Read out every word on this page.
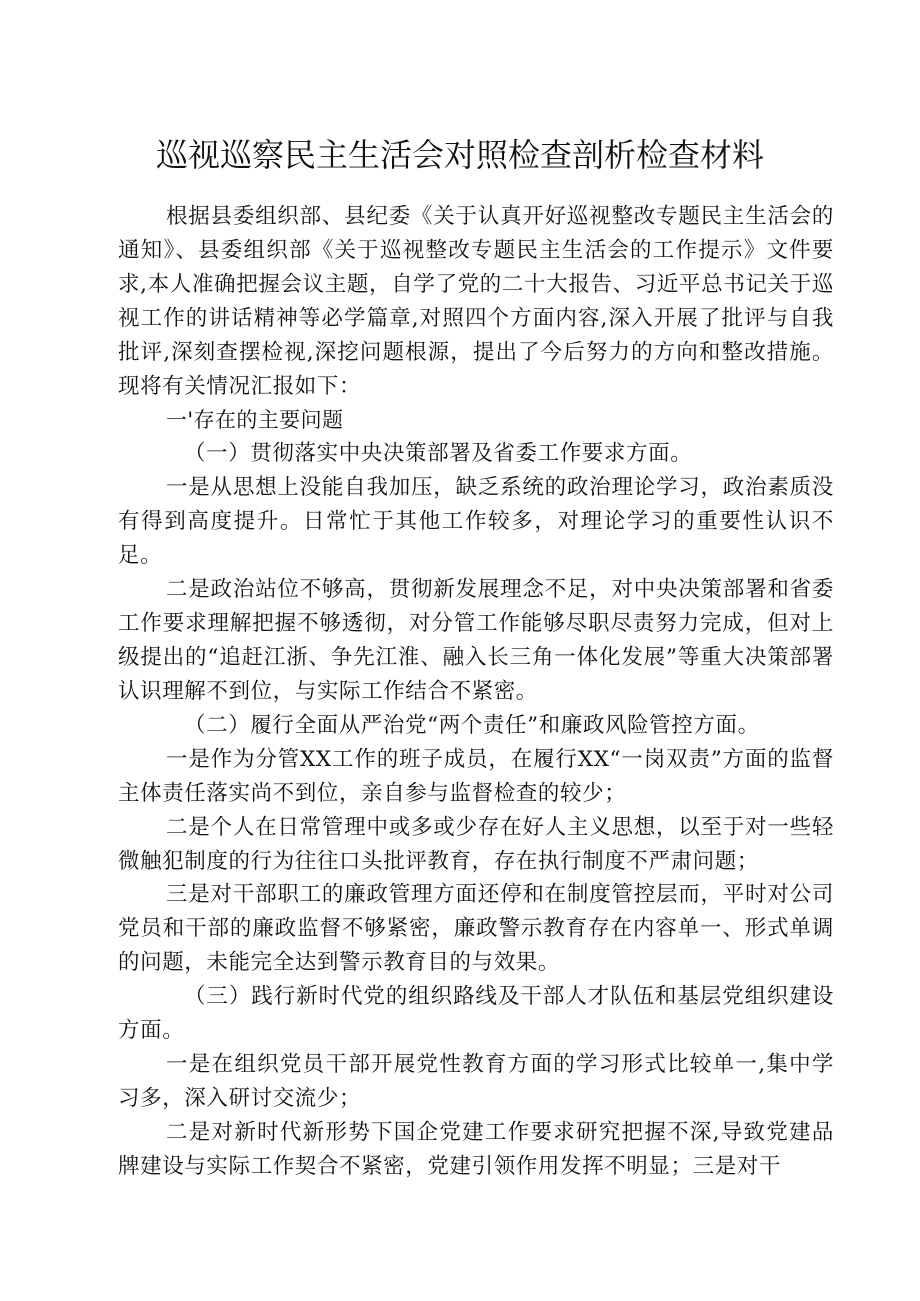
巡视巡察民主生活会对照检查剖析检查材料

根据县委组织部、县纪委《关于认真开好巡视整改专题民主生活会的通知》、县委组织部《关于巡视整改专题民主生活会的工作提示》文件要求,本人准确把握会议主题，自学了党的二十大报告、习近平总书记关于巡视工作的讲话精神等必学篇章,对照四个方面内容,深入开展了批评与自我批评,深刻查摆检视,深挖问题根源，提出了今后努力的方向和整改措施。现将有关情况汇报如下：

一'存在的主要问题

（一）贯彻落实中央决策部署及省委工作要求方面。

一是从思想上没能自我加压，缺乏系统的政治理论学习，政治素质没有得到高度提升。日常忙于其他工作较多，对理论学习的重要性认识不足。

二是政治站位不够高，贯彻新发展理念不足，对中央决策部署和省委工作要求理解把握不够透彻，对分管工作能够尽职尽责努力完成，但对上级提出的“追赶江浙、争先江淮、融入长三角一体化发展”等重大决策部署认识理解不到位，与实际工作结合不紧密。

（二）履行全面从严治党“两个责任”和廉政风险管控方面。

一是作为分管XX工作的班子成员，在履行XX“一岗双责”方面的监督主体责任落实尚不到位，亲自参与监督检查的较少；

二是个人在日常管理中或多或少存在好人主义思想，以至于对一些轻微触犯制度的行为往往口头批评教育，存在执行制度不严肃问题；

三是对干部职工的廉政管理方面还停和在制度管控层而，平时对公司党员和干部的廉政监督不够紧密，廉政警示教育存在内容单一、形式单调的问题，未能完全达到警示教育目的与效果。

（三）践行新时代党的组织路线及干部人才队伍和基层党组织建设方面。

一是在组织党员干部开展党性教育方面的学习形式比较单一,集中学习多，深入研讨交流少；

二是对新时代新形势下国企党建工作要求研究把握不深,导致党建品牌建设与实际工作契合不紧密，党建引领作用发挥不明显；三是对干
